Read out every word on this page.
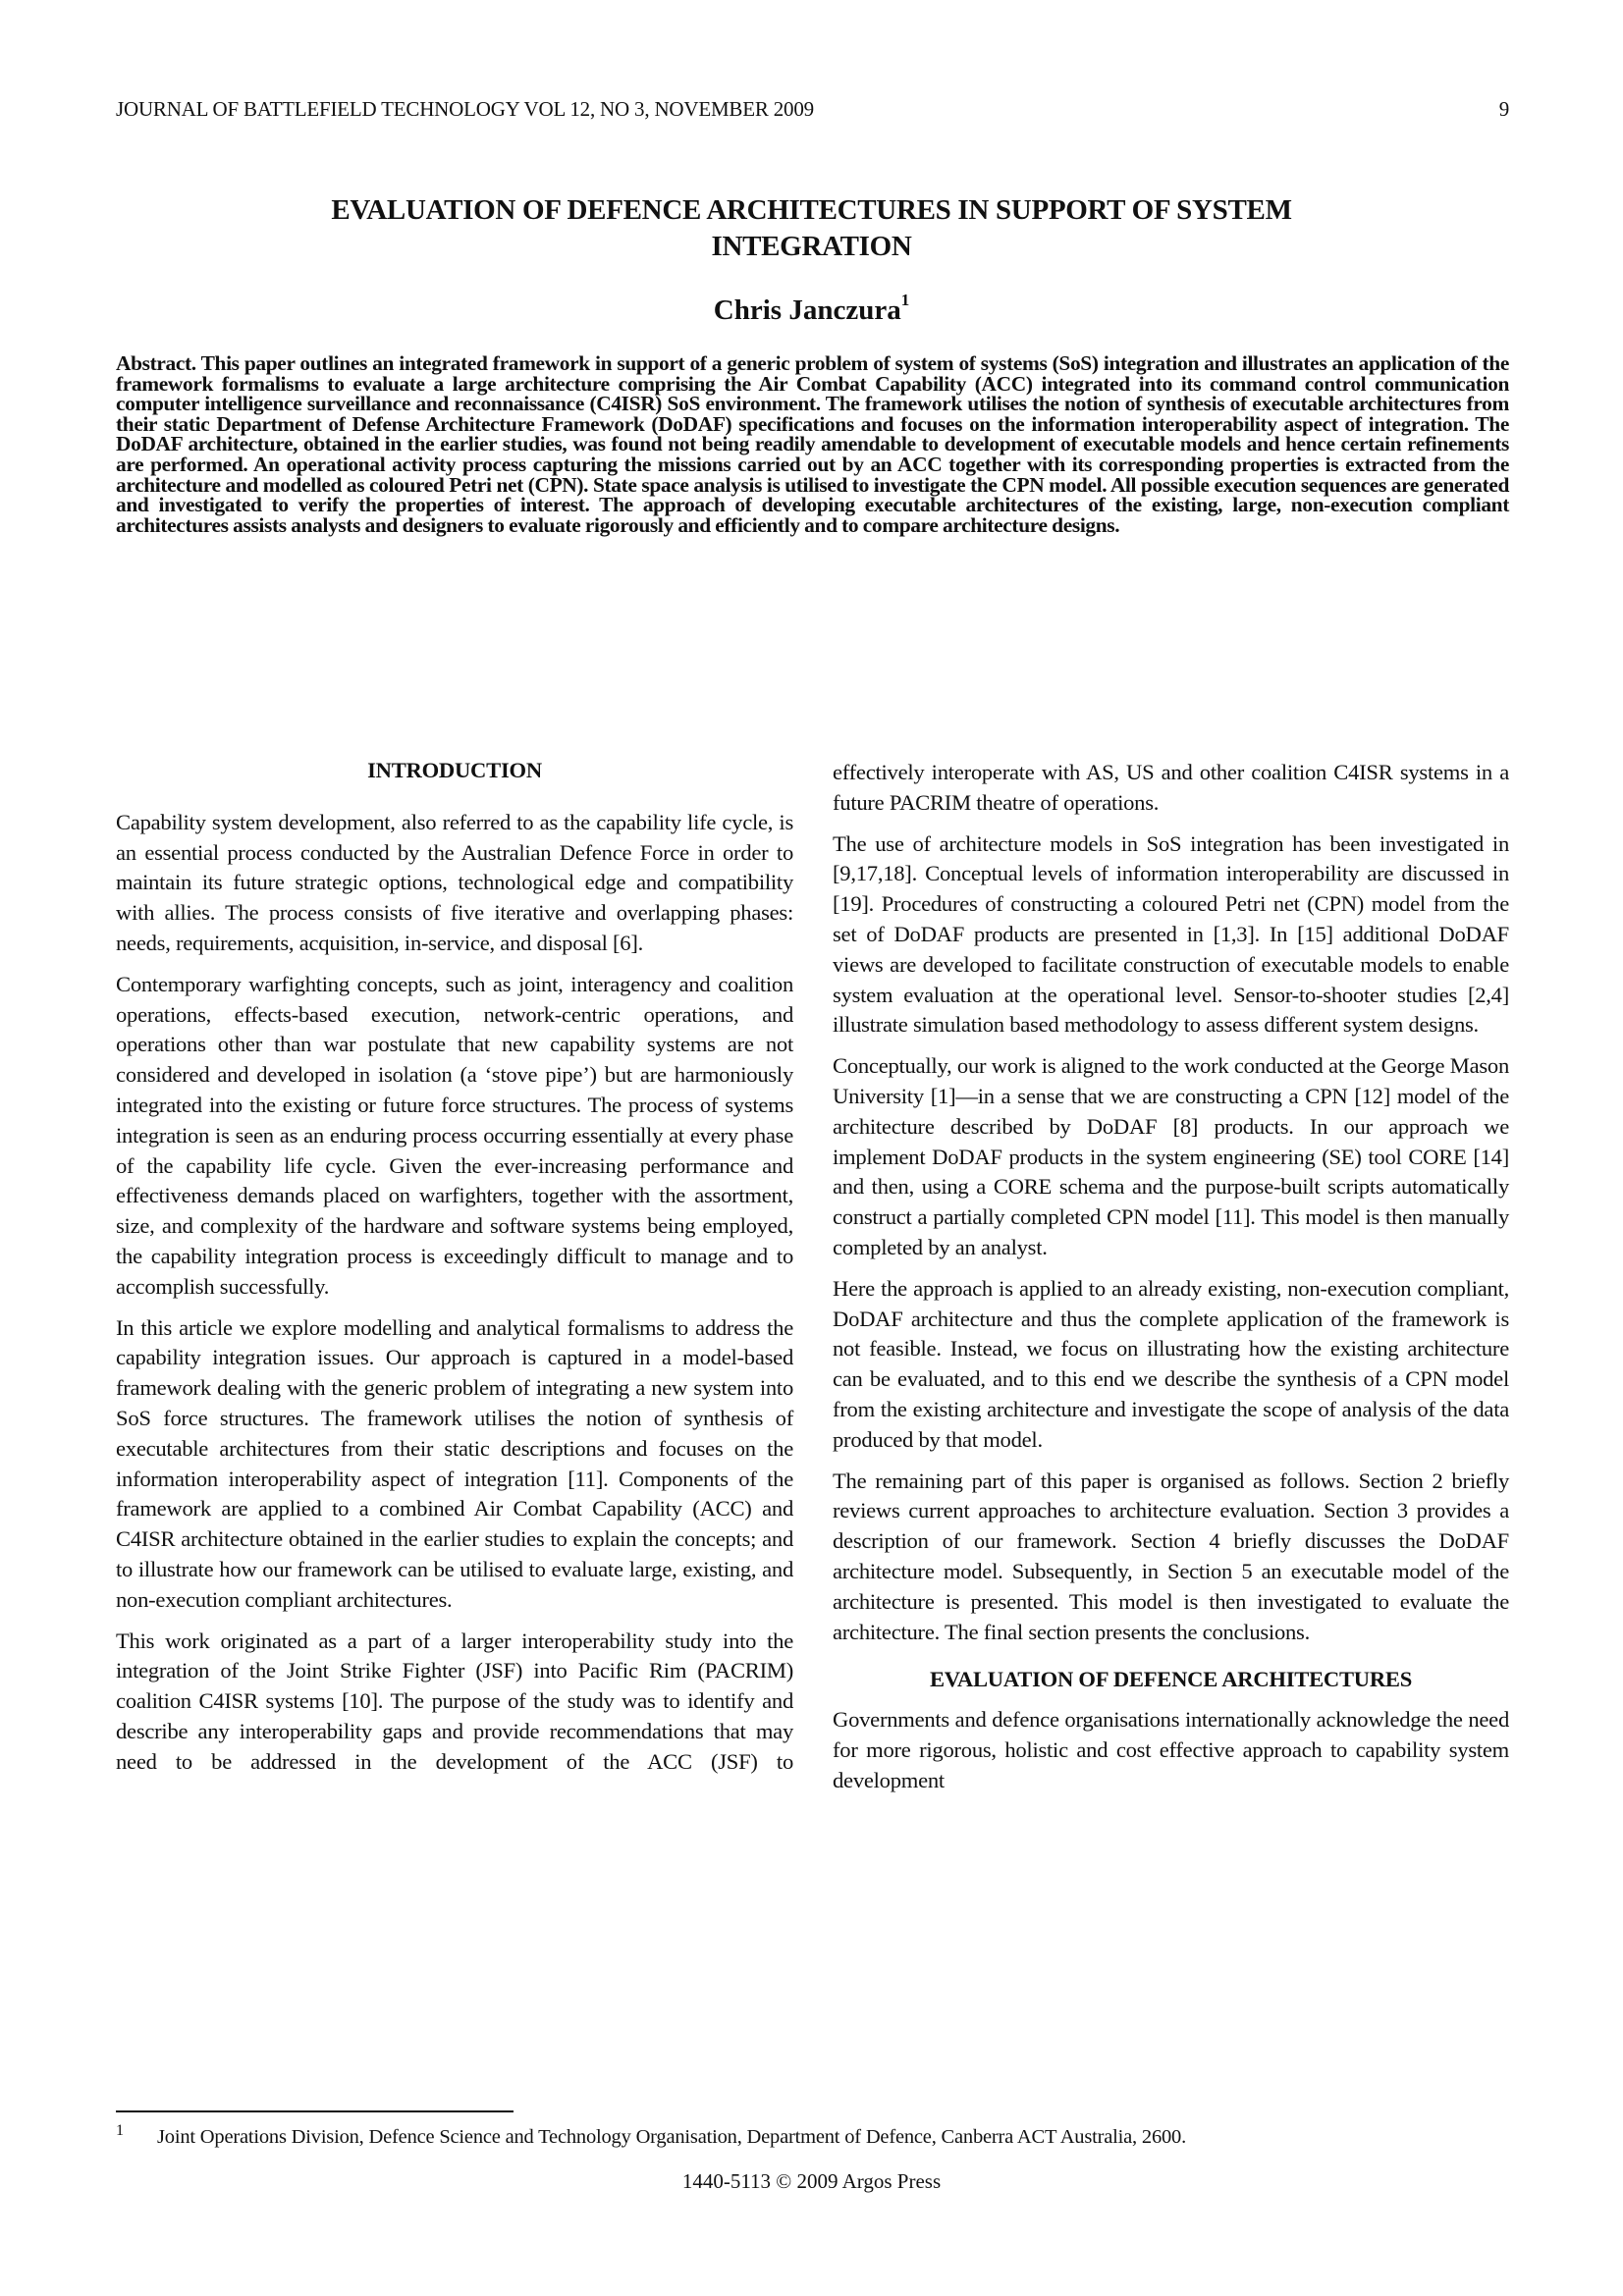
JOURNAL OF BATTLEFIELD TECHNOLOGY VOL 12, NO 3, NOVEMBER 2009	9
EVALUATION OF DEFENCE ARCHITECTURES IN SUPPORT OF SYSTEM
INTEGRATION
Chris Janczura$^1$
Abstract. This paper outlines an integrated framework in support of a generic problem of system of systems (SoS) integration and illustrates an application of the framework formalisms to evaluate a large architecture comprising the Air Combat Capability (ACC) integrated into its command control communication computer intelligence surveillance and reconnaissance (C4ISR) SoS environment. The framework utilises the notion of synthesis of executable architectures from their static Department of Defense Architecture Framework (DoDAF) specifications and focuses on the information interoperability aspect of integration. The DoDAF architecture, obtained in the earlier studies, was found not being readily amendable to development of executable models and hence certain refinements are performed. An operational activity process capturing the missions carried out by an ACC together with its corresponding properties is extracted from the architecture and modelled as coloured Petri net (CPN). State space analysis is utilised to investigate the CPN model. All possible execution sequences are generated and investigated to verify the properties of interest. The approach of developing executable architectures of the existing, large, non-execution compliant architectures assists analysts and designers to evaluate rigorously and efficiently and to compare architecture designs.
INTRODUCTION

Capability system development, also referred to as the capability life cycle, is an essential process conducted by the Australian Defence Force in order to maintain its future strategic options, technological edge and compatibility with allies. The process consists of five iterative and overlapping phases: needs, requirements, acquisition, in-service, and disposal [6].

Contemporary warfighting concepts, such as joint, interagency and coalition operations, effects-based execution, network-centric operations, and operations other than war postulate that new capability systems are not considered and developed in isolation (a ‘stove pipe’) but are harmoniously integrated into the existing or future force structures. The process of systems integration is seen as an enduring process occurring essentially at every phase of the capability life cycle. Given the ever-increasing performance and effectiveness demands placed on warfighters, together with the assortment, size, and complexity of the hardware and software systems being employed, the capability integration process is exceedingly difficult to manage and to accomplish successfully.

In this article we explore modelling and analytical formalisms to address the capability integration issues. Our approach is captured in a model-based framework dealing with the generic problem of integrating a new system into SoS force structures. The framework utilises the notion of synthesis of executable architectures from their static descriptions and focuses on the information interoperability aspect of integration [11]. Components of the framework are applied to a combined Air Combat Capability (ACC) and C4ISR architecture obtained in the earlier studies to explain the concepts; and to illustrate how our framework can be utilised to evaluate large, existing, and non-execution compliant architectures.

This work originated as a part of a larger interoperability study into the integration of the Joint Strike Fighter (JSF) into Pacific Rim (PACRIM) coalition C4ISR systems [10]. The purpose of the study was to identify and describe any interoperability gaps and provide recommendations that may need to be addressed in the development of the ACC (JSF) to

effectively interoperate with AS, US and other coalition C4ISR systems in a future PACRIM theatre of operations.

The use of architecture models in SoS integration has been investigated in [9,17,18]. Conceptual levels of information interoperability are discussed in [19]. Procedures of constructing a coloured Petri net (CPN) model from the set of DoDAF products are presented in [1,3]. In [15] additional DoDAF views are developed to facilitate construction of executable models to enable system evaluation at the operational level. Sensor-to-shooter studies [2,4] illustrate simulation based methodology to assess different system designs.

Conceptually, our work is aligned to the work conducted at the George Mason University [1]—in a sense that we are constructing a CPN [12] model of the architecture described by DoDAF [8] products. In our approach we implement DoDAF products in the system engineering (SE) tool CORE [14] and then, using a CORE schema and the purpose-built scripts automatically construct a partially completed CPN model [11]. This model is then manually completed by an analyst.

Here the approach is applied to an already existing, non-execution compliant, DoDAF architecture and thus the complete application of the framework is not feasible. Instead, we focus on illustrating how the existing architecture can be evaluated, and to this end we describe the synthesis of a CPN model from the existing architecture and investigate the scope of analysis of the data produced by that model.

The remaining part of this paper is organised as follows. Section 2 briefly reviews current approaches to architecture evaluation. Section 3 provides a description of our framework. Section 4 briefly discusses the DoDAF architecture model. Subsequently, in Section 5 an executable model of the architecture is presented. This model is then investigated to evaluate the architecture. The final section presents the conclusions.

EVALUATION OF DEFENCE ARCHITECTURES

Governments and defence organisations internationally acknowledge the need for more rigorous, holistic and cost effective approach to capability system development

1 Joint Operations Division, Defence Science and Technology Organisation, Department of Defence, Canberra ACT Australia, 2600.
1440-5113 © 2009 Argos Press
